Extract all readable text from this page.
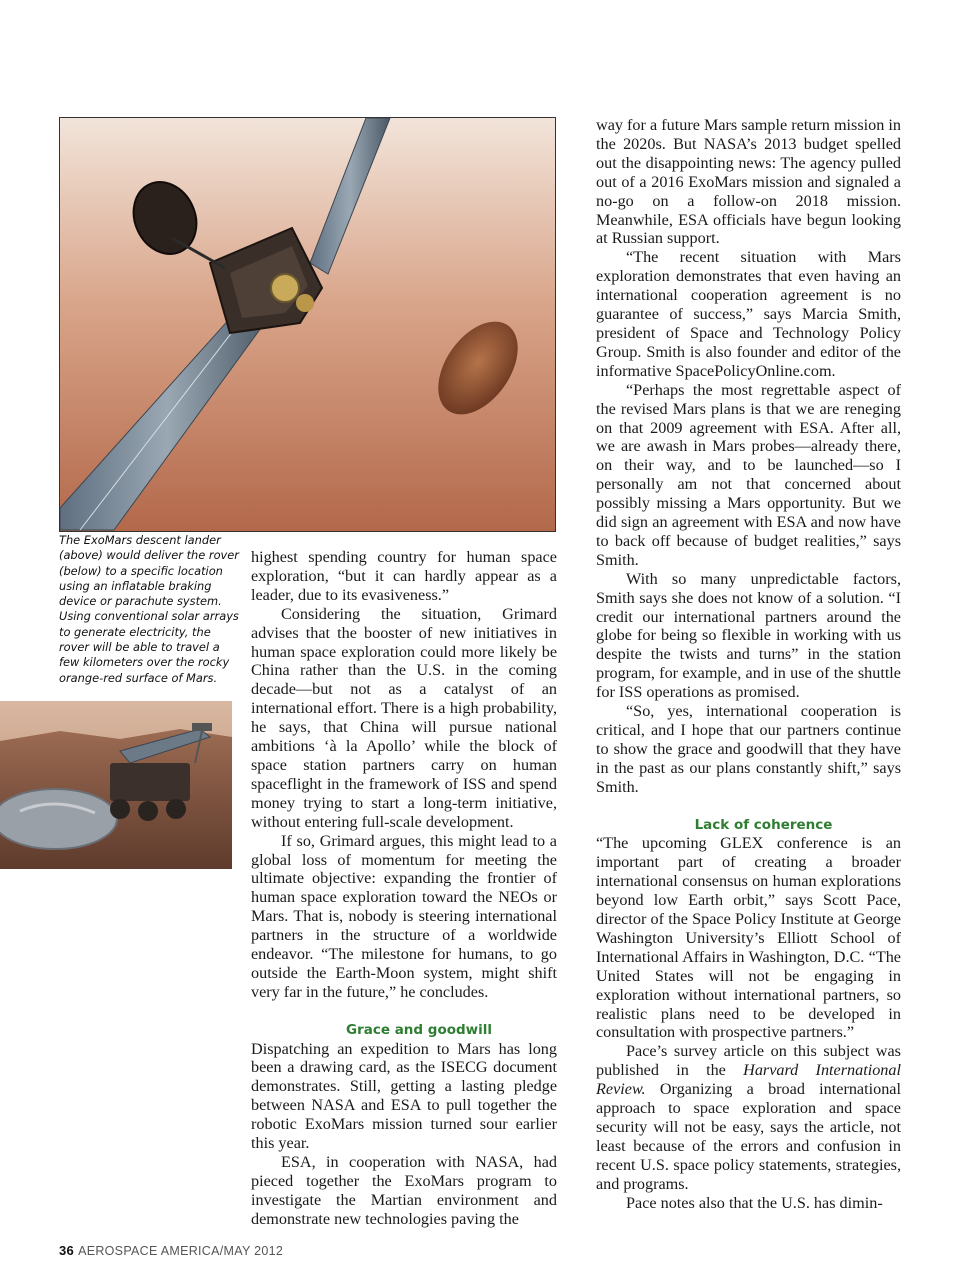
The ExoMars descent lander (above) would deliver the rover (below) to a specific location using an inflatable braking device or parachute system. Using conventional solar arrays to generate electricity, the rover will be able to travel a few kilometers over the rocky orange-red surface of Mars.

highest spending country for human space exploration, “but it can hardly appear as a leader, due to its evasiveness.”

Considering the situation, Grimard advises that the booster of new initiatives in human space exploration could more likely be China rather than the U.S. in the coming decade—but not as a catalyst of an international effort. There is a high probability, he says, that China will pursue national ambitions ‘à la Apollo’ while the block of space station partners carry on human spaceflight in the framework of ISS and spend money trying to start a long-term initiative, without entering full-scale development.

If so, Grimard argues, this might lead to a global loss of momentum for meeting the ultimate objective: expanding the frontier of human space exploration toward the NEOs or Mars. That is, nobody is steering international partners in the structure of a worldwide endeavor. “The milestone for humans, to go outside the Earth-Moon system, might shift very far in the future,” he concludes.

Grace and goodwill

Dispatching an expedition to Mars has long been a drawing card, as the ISECG document demonstrates. Still, getting a lasting pledge between NASA and ESA to pull together the robotic ExoMars mission turned sour earlier this year.

ESA, in cooperation with NASA, had pieced together the ExoMars program to investigate the Martian environment and demonstrate new technologies paving the

way for a future Mars sample return mission in the 2020s. But NASA’s 2013 budget spelled out the disappointing news: The agency pulled out of a 2016 ExoMars mission and signaled a no-go on a follow-on 2018 mission. Meanwhile, ESA officials have begun looking at Russian support.

“The recent situation with Mars exploration demonstrates that even having an international cooperation agreement is no guarantee of success,” says Marcia Smith, president of Space and Technology Policy Group. Smith is also founder and editor of the informative SpacePolicyOnline.com.

“Perhaps the most regrettable aspect of the revised Mars plans is that we are reneging on that 2009 agreement with ESA. After all, we are awash in Mars probes—already there, on their way, and to be launched—so I personally am not that concerned about possibly missing a Mars opportunity. But we did sign an agreement with ESA and now have to back off because of budget realities,” says Smith.

With so many unpredictable factors, Smith says she does not know of a solution. “I credit our international partners around the globe for being so flexible in working with us despite the twists and turns” in the station program, for example, and in use of the shuttle for ISS operations as promised.

“So, yes, international cooperation is critical, and I hope that our partners continue to show the grace and goodwill that they have in the past as our plans constantly shift,” says Smith.

Lack of coherence

“The upcoming GLEX conference is an important part of creating a broader international consensus on human explorations beyond low Earth orbit,” says Scott Pace, director of the Space Policy Institute at George Washington University’s Elliott School of International Affairs in Washington, D.C. “The United States will not be engaging in exploration without international partners, so realistic plans need to be developed in consultation with prospective partners.”

Pace’s survey article on this subject was published in the Harvard International Review. Organizing a broad international approach to space exploration and space security will not be easy, says the article, not least because of the errors and confusion in recent U.S. space policy statements, strategies, and programs.

Pace notes also that the U.S. has dimin-

36 AEROSPACE AMERICA/MAY 2012
